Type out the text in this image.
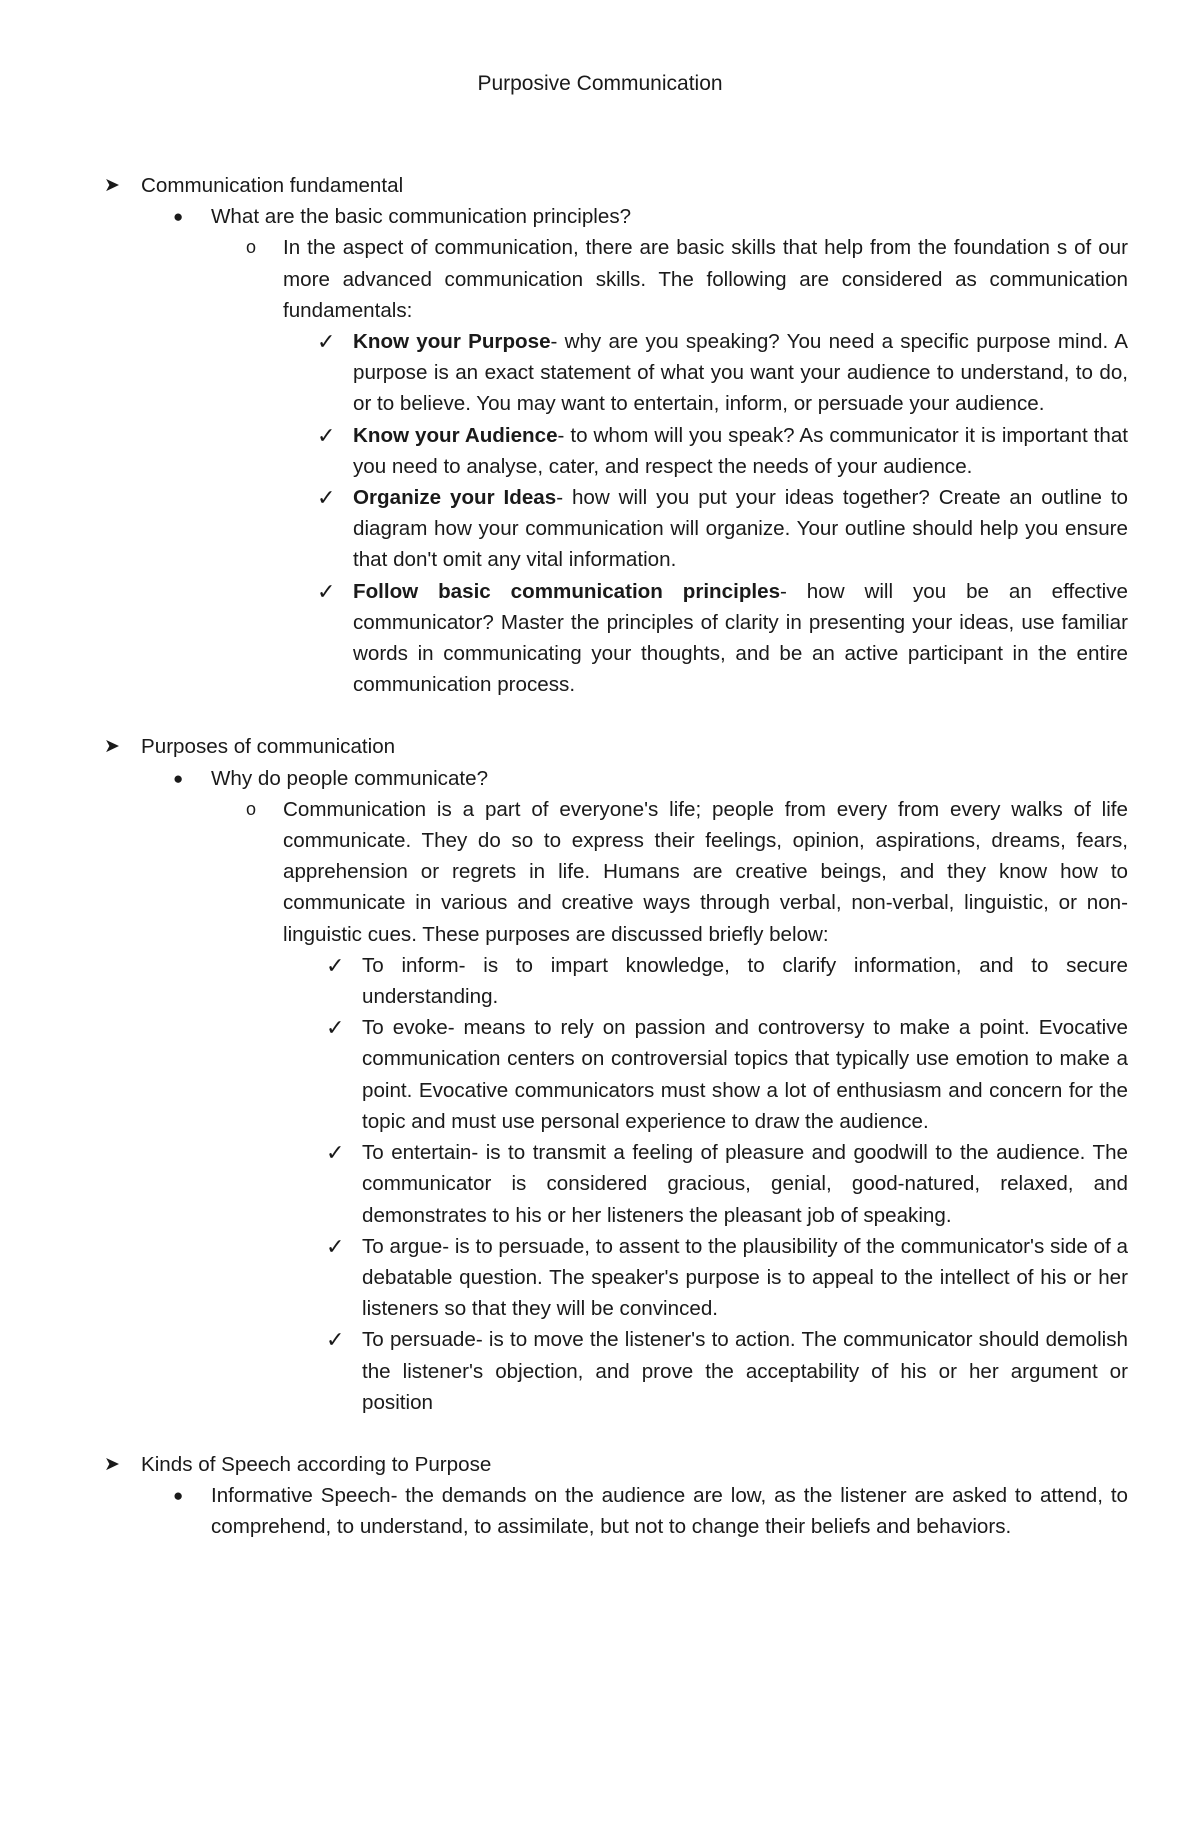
Purposive Communication
➤ Communication fundamental
● What are the basic communication principles?
o In the aspect of communication, there are basic skills that help from the foundation s of our more advanced communication skills. The following are considered as communication fundamentals:
✓ Know your Purpose- why are you speaking? You need a specific purpose mind. A purpose is an exact statement of what you want your audience to understand, to do, or to believe. You may want to entertain, inform, or persuade your audience.
✓ Know your Audience- to whom will you speak? As communicator it is important that you need to analyse, cater, and respect the needs of your audience.
✓ Organize your Ideas- how will you put your ideas together? Create an outline to diagram how your communication will organize. Your outline should help you ensure that don't omit any vital information.
✓ Follow basic communication principles- how will you be an effective communicator? Master the principles of clarity in presenting your ideas, use familiar words in communicating your thoughts, and be an active participant in the entire communication process.
➤ Purposes of communication
● Why do people communicate?
o Communication is a part of everyone's life; people from every from every walks of life communicate. They do so to express their feelings, opinion, aspirations, dreams, fears, apprehension or regrets in life. Humans are creative beings, and they know how to communicate in various and creative ways through verbal, non-verbal, linguistic, or non-linguistic cues. These purposes are discussed briefly below:
✓ To inform- is to impart knowledge, to clarify information, and to secure understanding.
✓ To evoke- means to rely on passion and controversy to make a point. Evocative communication centers on controversial topics that typically use emotion to make a point. Evocative communicators must show a lot of enthusiasm and concern for the topic and must use personal experience to draw the audience.
✓ To entertain- is to transmit a feeling of pleasure and goodwill to the audience. The communicator is considered gracious, genial, good-natured, relaxed, and demonstrates to his or her listeners the pleasant job of speaking.
✓ To argue- is to persuade, to assent to the plausibility of the communicator's side of a debatable question. The speaker's purpose is to appeal to the intellect of his or her listeners so that they will be convinced.
✓ To persuade- is to move the listener's to action. The communicator should demolish the listener's objection, and prove the acceptability of his or her argument or position
➤ Kinds of Speech according to Purpose
● Informative Speech- the demands on the audience are low, as the listener are asked to attend, to comprehend, to understand, to assimilate, but not to change their beliefs and behaviors.
